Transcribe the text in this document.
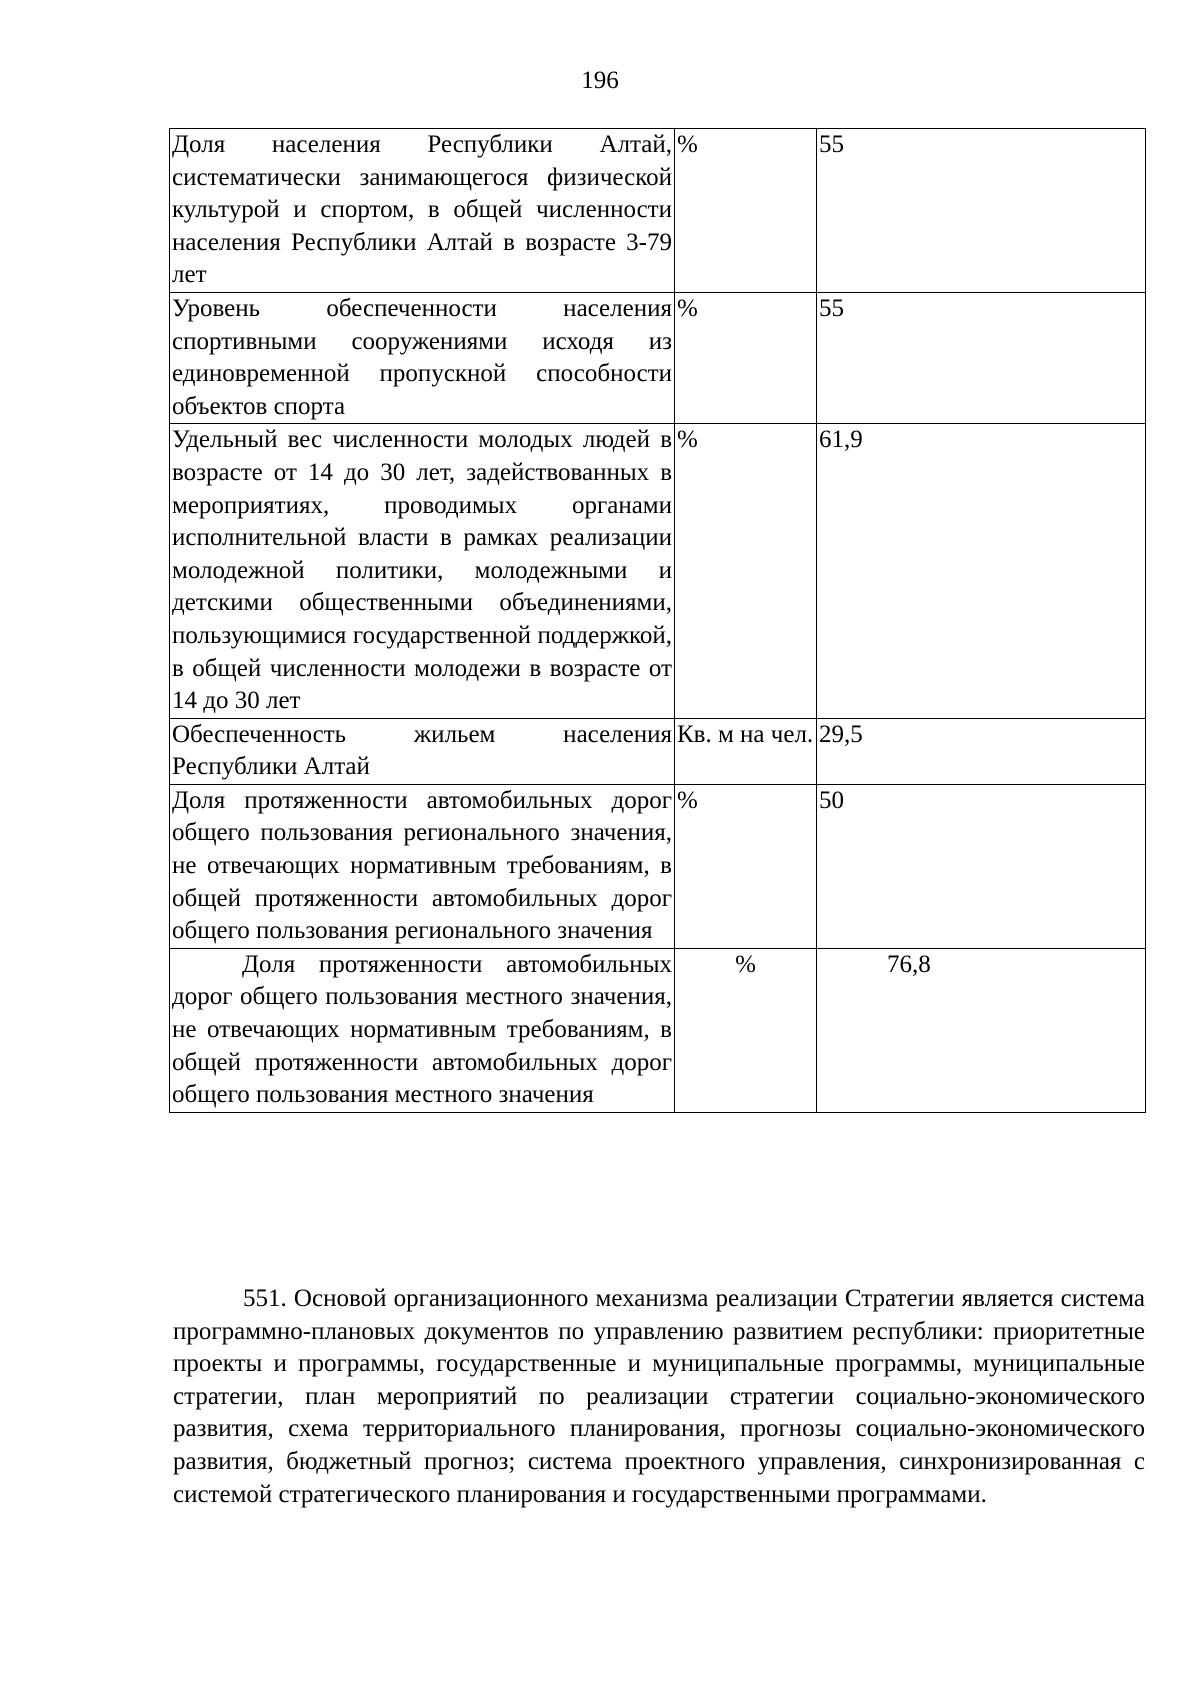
196
Доля населения Республики Алтай, систематически занимающегося физической культурой и спортом, в общей численности населения Республики Алтай в возрасте 3-79 лет	%	55
Уровень обеспеченности населения спортивными сооружениями исходя из единовременной пропускной способности объектов спорта	%	55
Удельный вес численности молодых людей в возрасте от 14 до 30 лет, задействованных в мероприятиях, проводимых органами исполнительной власти в рамках реализации молодежной политики, молодежными и детскими общественными объединениями, пользующимися государственной поддержкой, в общей численности молодежи в возрасте от 14 до 30 лет	%	61,9
Обеспеченность жильем населения Республики Алтай	Кв. м на чел.	29,5
Доля протяженности автомобильных дорог общего пользования регионального значения, не отвечающих нормативным требованиям, в общей протяженности автомобильных дорог общего пользования регионального значения	%	50
Доля протяженности автомобильных дорог общего пользования местного значения, не отвечающих нормативным требованиям, в общей протяженности автомобильных дорог общего пользования местного значения	%	76,8

551. Основой организационного механизма реализации Стратегии является система программно-плановых документов по управлению развитием республики: приоритетные проекты и программы, государственные и муниципальные программы, муниципальные стратегии, план мероприятий по реализации стратегии социально-экономического развития, схема территориального планирования, прогнозы социально-экономического развития, бюджетный прогноз; система проектного управления, синхронизированная с системой стратегического планирования и государственными программами.
